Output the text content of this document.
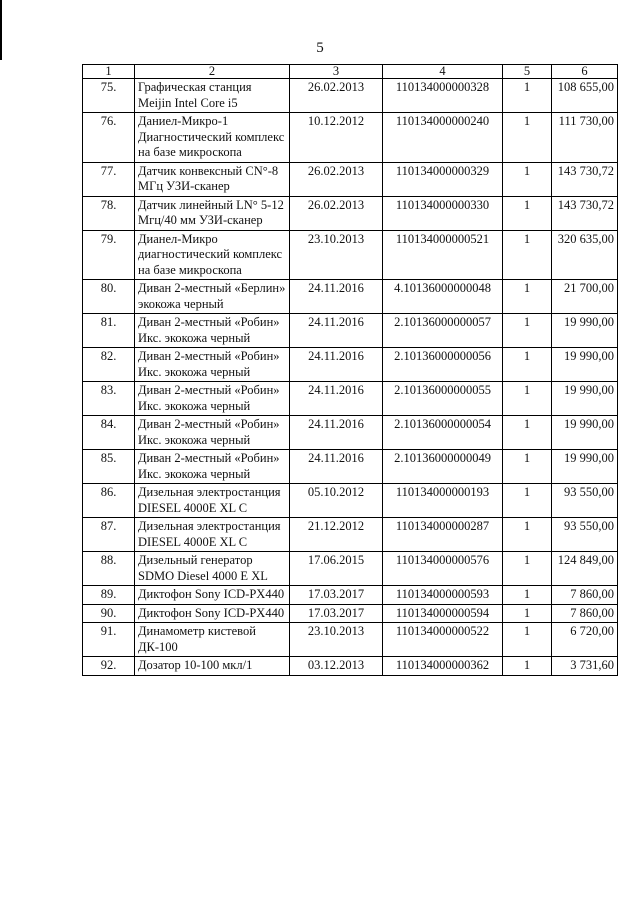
5
1	2	3	4	5	6
75.	Графическая станция Meijin Intel Core i5	26.02.2013	110134000000328	1	108 655,00
76.	Даниел-Микро-1 Диагностический комплекс на базе микроскопа	10.12.2012	110134000000240	1	111 730,00
77.	Датчик конвексный CN°-8 МГц УЗИ-сканер	26.02.2013	110134000000329	1	143 730,72
78.	Датчик линейный LN° 5-12 Мгц/40 мм УЗИ-сканер	26.02.2013	110134000000330	1	143 730,72
79.	Дианел-Микро диагностический комплекс на базе микроскопа	23.10.2013	110134000000521	1	320 635,00
80.	Диван 2-местный «Берлин» экокожа черный	24.11.2016	4.10136000000048	1	21 700,00
81.	Диван 2-местный «Робин» Икс. экокожа черный	24.11.2016	2.10136000000057	1	19 990,00
82.	Диван 2-местный «Робин» Икс. экокожа черный	24.11.2016	2.10136000000056	1	19 990,00
83.	Диван 2-местный «Робин» Икс. экокожа черный	24.11.2016	2.10136000000055	1	19 990,00
84.	Диван 2-местный «Робин» Икс. экокожа черный	24.11.2016	2.10136000000054	1	19 990,00
85.	Диван 2-местный «Робин» Икс. экокожа черный	24.11.2016	2.10136000000049	1	19 990,00
86.	Дизельная электростанция DIESEL 4000E XL C	05.10.2012	110134000000193	1	93 550,00
87.	Дизельная электростанция DIESEL 4000E XL C	21.12.2012	110134000000287	1	93 550,00
88.	Дизельный генератор SDMO Diesel 4000 E XL	17.06.2015	110134000000576	1	124 849,00
89.	Диктофон Sony ICD-PX440	17.03.2017	110134000000593	1	7 860,00
90.	Диктофон Sony ICD-PX440	17.03.2017	110134000000594	1	7 860,00
91.	Динамометр кистевой ДК-100	23.10.2013	110134000000522	1	6 720,00
92.	Дозатор 10-100 мкл/1	03.12.2013	110134000000362	1	3 731,60
